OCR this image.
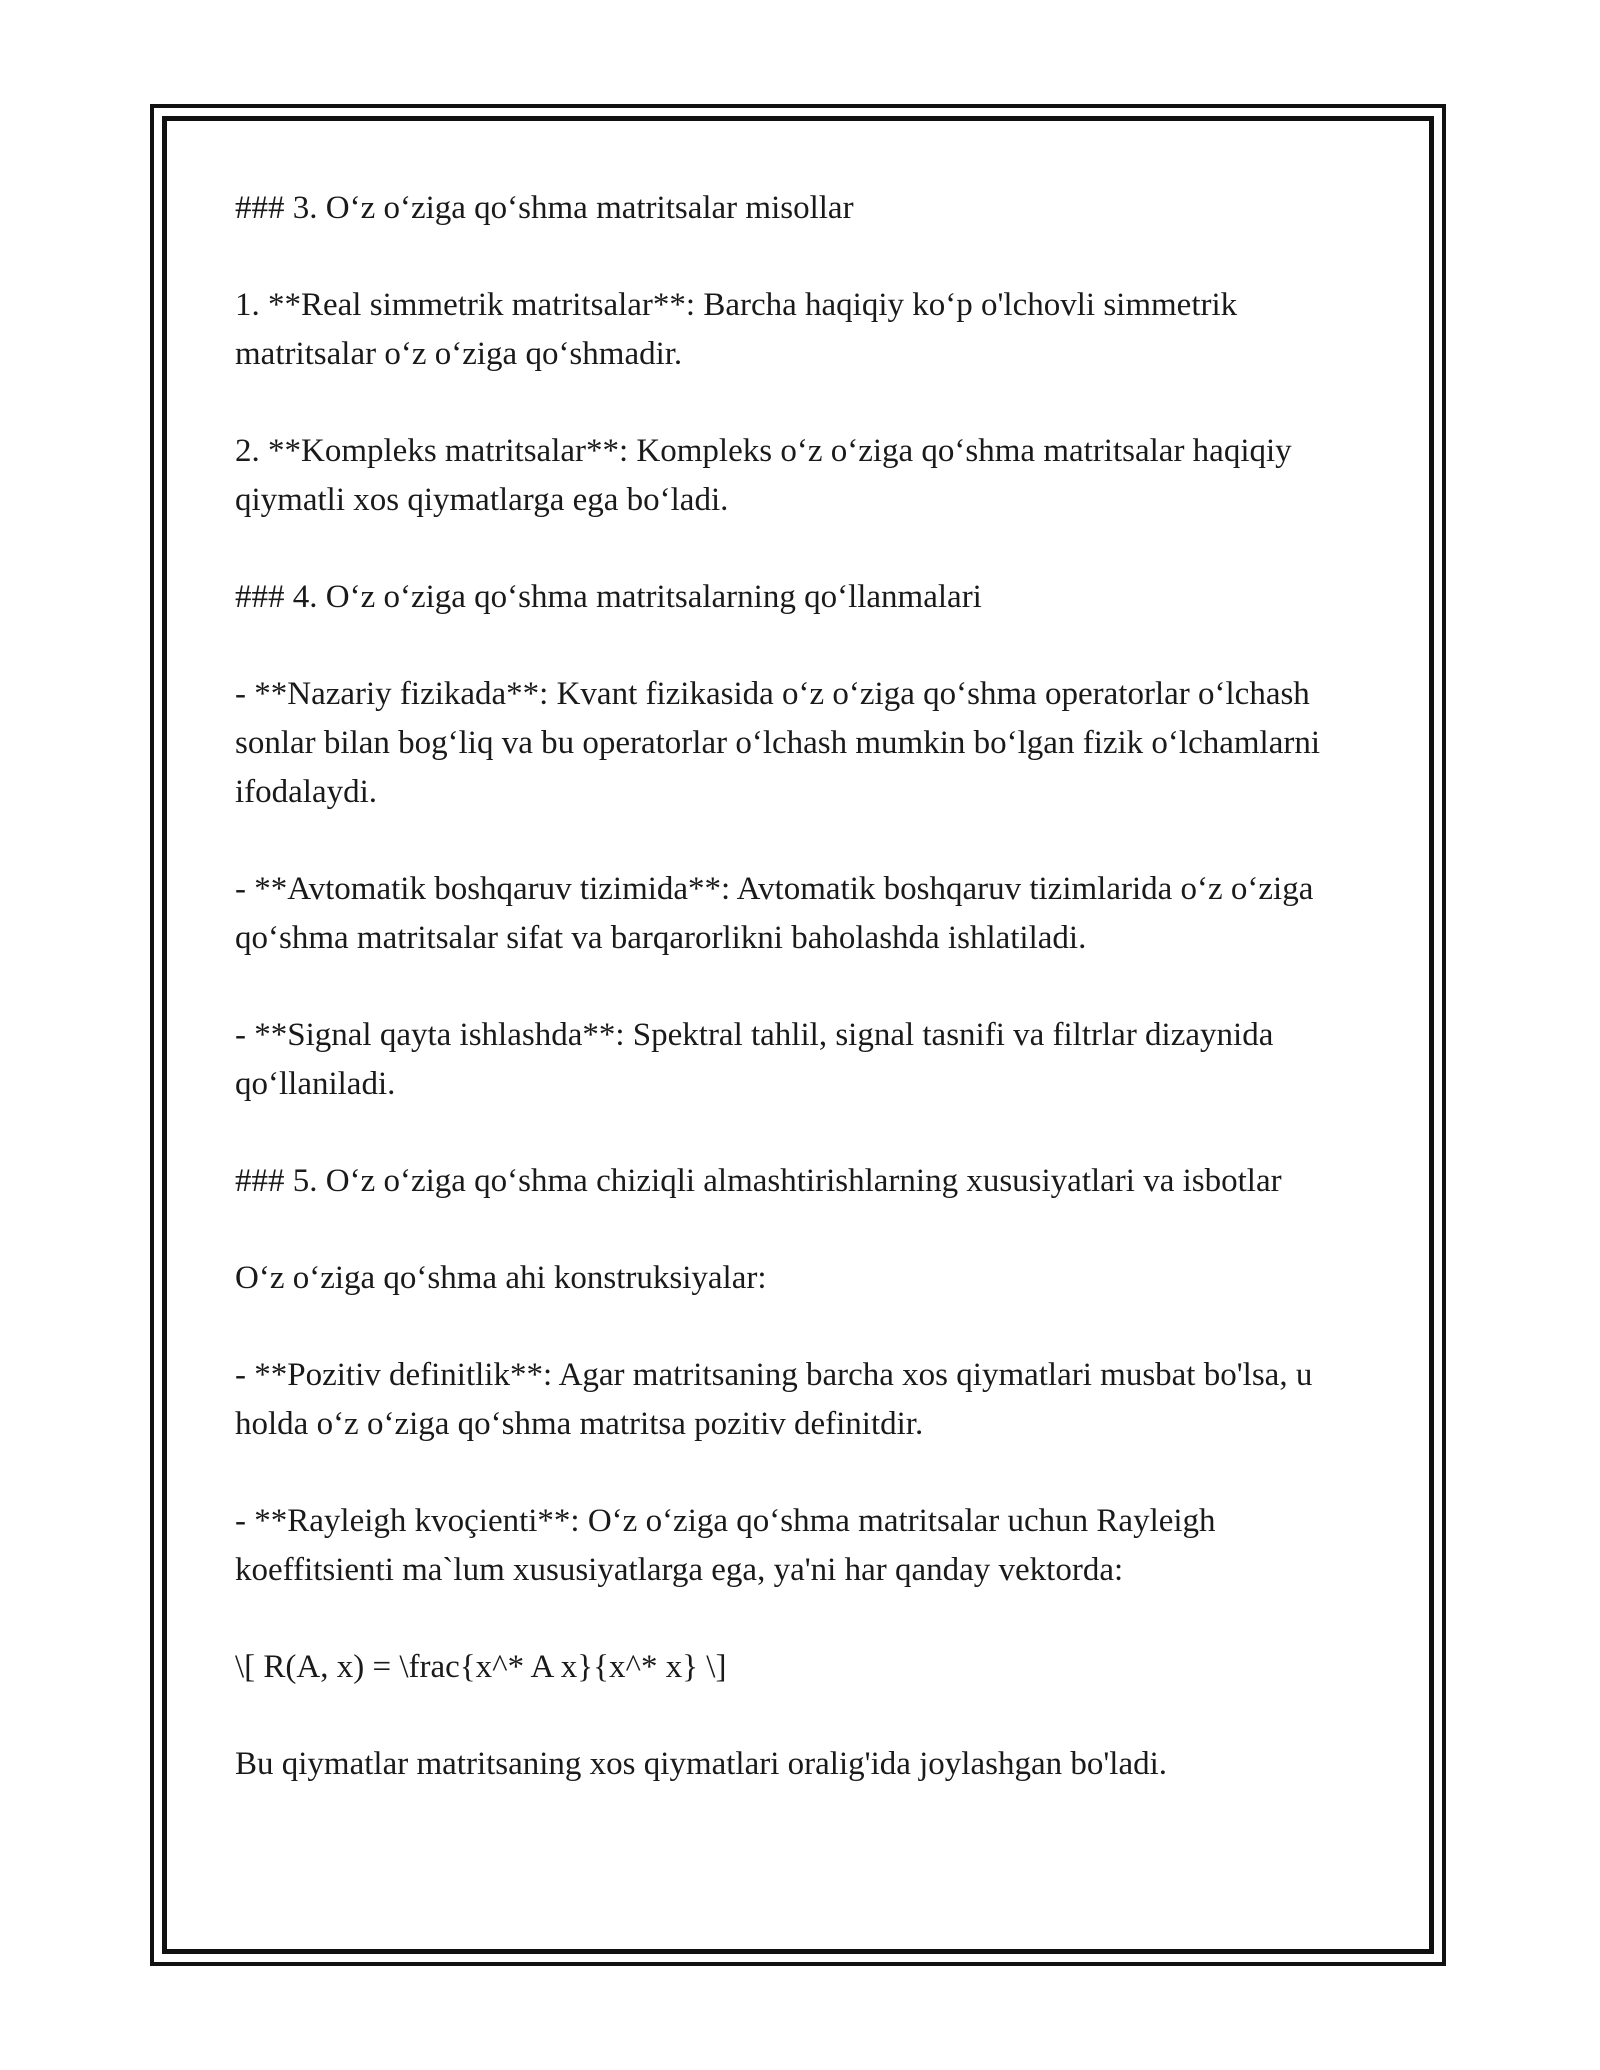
### 3. O‘z o‘ziga qo‘shma matritsalar misollar

1. **Real simmetrik matritsalar**: Barcha haqiqiy ko‘p o'lchovli simmetrik matritsalar o‘z o‘ziga qo‘shmadir.

2. **Kompleks matritsalar**: Kompleks o‘z o‘ziga qo‘shma matritsalar haqiqiy qiymatli xos qiymatlarga ega bo‘ladi.

### 4. O‘z o‘ziga qo‘shma matritsalarning qo‘llanmalari

- **Nazariy fizikada**: Kvant fizikasida o‘z o‘ziga qo‘shma operatorlar o‘lchash sonlar bilan bog‘liq va bu operatorlar o‘lchash mumkin bo‘lgan fizik o‘lchamlarni ifodalaydi.

- **Avtomatik boshqaruv tizimida**: Avtomatik boshqaruv tizimlarida o‘z o‘ziga qo‘shma matritsalar sifat va barqarorlikni baholashda ishlatiladi.

- **Signal qayta ishlashda**: Spektral tahlil, signal tasnifi va filtrlar dizaynida qo‘llaniladi.

### 5. O‘z o‘ziga qo‘shma chiziqli almashtirishlarning xususiyatlari va isbotlar

O‘z o‘ziga qo‘shma ahi konstruksiyalar:

- **Pozitiv definitlik**: Agar matritsaning barcha xos qiymatlari musbat bo'lsa, u holda o‘z o‘ziga qo‘shma matritsa pozitiv definitdir.

- **Rayleigh kvoçienti**: O‘z o‘ziga qo‘shma matritsalar uchun Rayleigh koeffitsienti ma`lum xususiyatlarga ega, ya'ni har qanday vektorda:

\[ R(A, x) = \frac{x^* A x}{x^* x} \]

Bu qiymatlar matritsaning xos qiymatlari oralig'ida joylashgan bo'ladi.
